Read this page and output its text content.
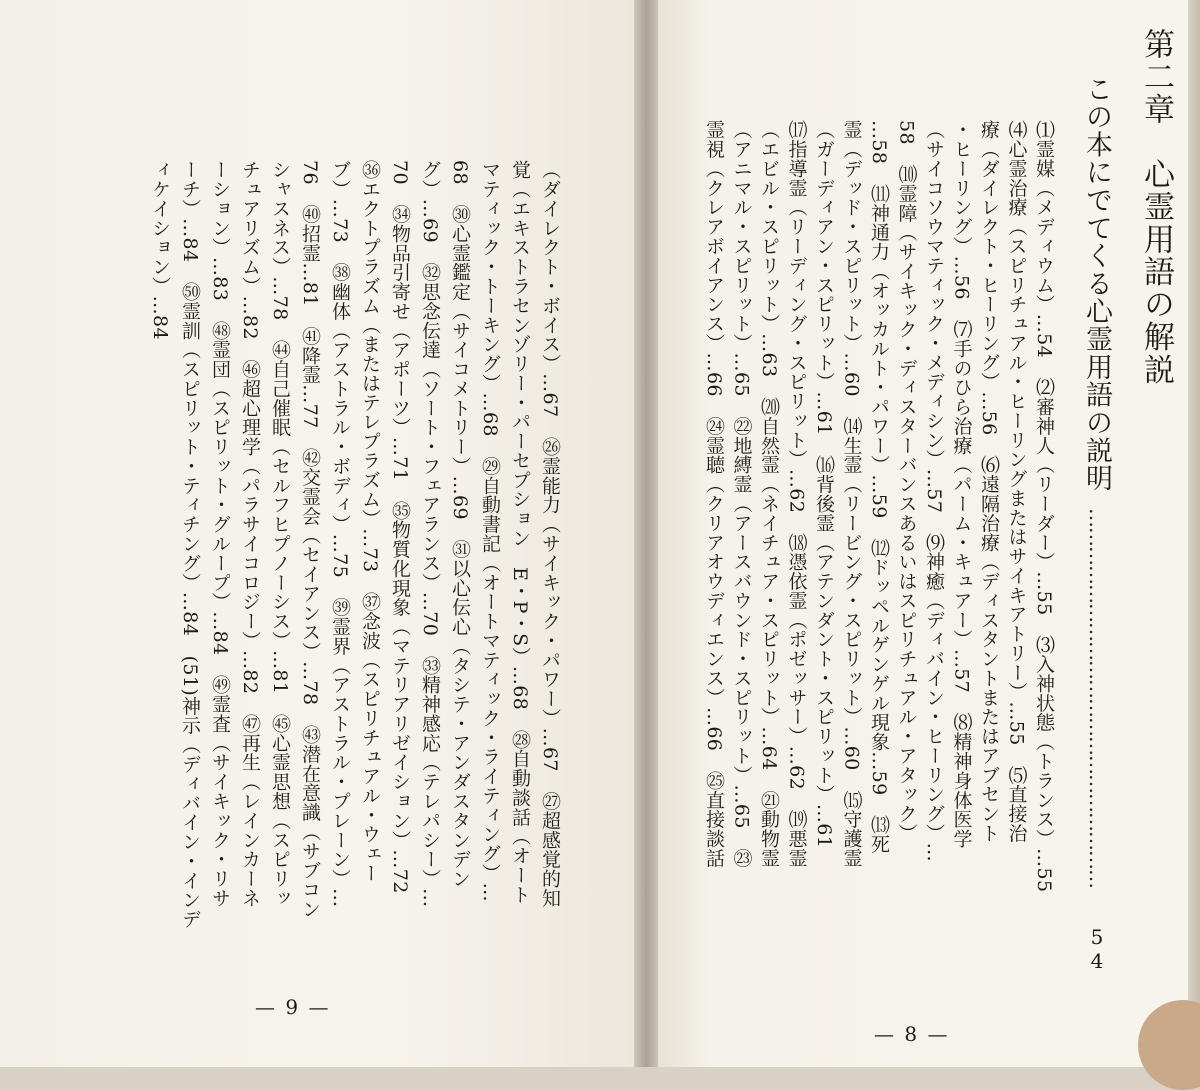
第二章　心霊用語の解説
この本にでてくる心霊用語の説明
……………………………………………………
54
⑴霊媒（メディウム）…54　⑵審神人（リーダー）…55　⑶入神状態（トランス）…55
⑷心霊治療（スピリチュアル・ヒーリングまたはサイキアトリー）…55　⑸直接治
療（ダイレクト・ヒーリング）…56　⑹遠隔治療（ディスタントまたはアブセント
・ヒーリング）…56　⑺手のひら治療（パーム・キュアー）…57　⑻精神身体医学
（サイコソウマティック・メディシン）…57　⑼神癒（ディバイン・ヒーリング）…
58　⑽霊障（サイキック・ディスターバンスあるいはスピリチュアル・アタック）
…58　⑾神通力（オッカルト・パワー）…59　⑿ドッペルゲンゲル現象…59　⒀死
霊（デッド・スピリット）…60　⒁生霊（リービング・スピリット）…60　⒂守護霊
（ガーディアン・スピリット）…61　⒃背後霊（アテンダント・スピリット）…61
⒄指導霊（リーディング・スピリット）…62　⒅憑依霊（ポゼッサー）…62　⒆悪霊
（エビル・スピリット）…63　⒇自然霊（ネイチュア・スピリット）…64　㉑動物霊
（アニマル・スピリット）…65　㉒地縛霊（アースバウンド・スピリット）…65　㉓
霊視（クレアボイアンス）…66　㉔霊聴（クリアオウディエンス）…66　㉕直接談話
（ダイレクト・ボイス）…67　㉖霊能力（サイキック・パワー）…67　㉗超感覚的知
覚（エキストラセンゾリー・パーセプション　E・P・S）…68　㉘自動談話（オート
マティック・トーキング）…68　㉙自動書記（オートマティック・ライティング）…
68　㉚心霊鑑定（サイコメトリー）…69　㉛以心伝心（タシテ・アンダスタンデン
グ）…69　㉜思念伝達（ソート・フェアランス）…70　㉝精神感応（テレパシー）…
70　㉞物品引寄せ（アポーツ）…71　㉟物質化現象（マテリアリゼイション）…72
㊱エクトプラズム（またはテレプラズム）…73　㊲念波（スピリチュアル・ウェー
ブ）…73　㊳幽体（アストラル・ボディ）…75　㊴霊界（アストラル・プレーン）…
76　㊵招霊…81　㊶降霊…77　㊷交霊会（セイアンス）…78　㊸潜在意識（サブコン
シャスネス）…78　㊹自己催眠（セルフヒプノーシス）…81　㊺心霊思想（スピリッ
チュアリズム）…82　㊻超心理学（パラサイコロジー）…82　㊼再生（レインカーネ
ーション）…83　㊽霊団（スピリット・グループ）…84　㊾霊査（サイキック・リサ
ーチ）…84　㊿霊訓（スピリット・ティチング）…84　(51)神示（ディバイン・インデ
ィケイション）…84
— 9 —
— 8 —
